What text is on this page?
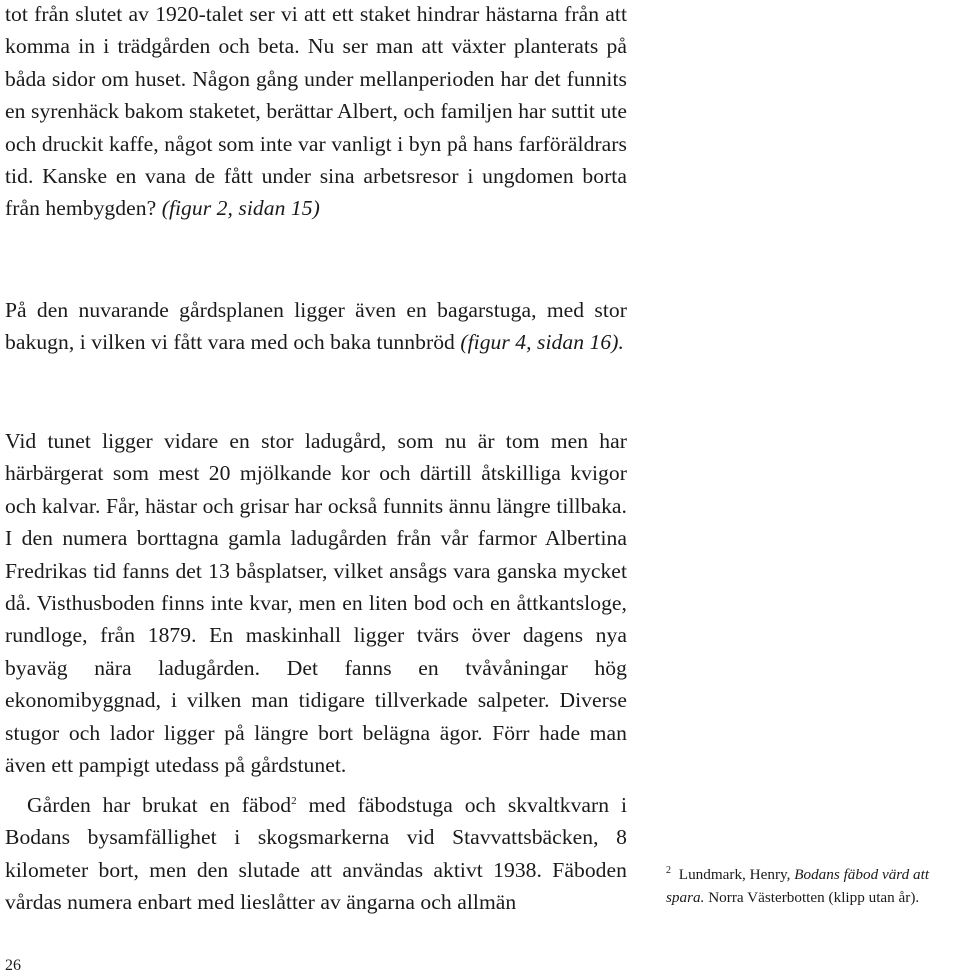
tot från slutet av 1920-talet ser vi att ett staket hindrar hästarna från att komma in i trädgården och beta. Nu ser man att växter planterats på båda sidor om huset. Någon gång under mellanperioden har det funnits en syrenhäck bakom staketet, berättar Albert, och familjen har suttit ute och druckit kaffe, något som inte var vanligt i byn på hans farföräldrars tid. Kanske en vana de fått under sina arbetsresor i ungdomen borta från hembygden? (figur 2, sidan 15)

På den nuvarande gårdsplanen ligger även en bagarstuga, med stor bakugn, i vilken vi fått vara med och baka tunnbröd (figur 4, sidan 16).

Vid tunet ligger vidare en stor ladugård, som nu är tom men har härbärgerat som mest 20 mjölkande kor och därtill åtskilliga kvigor och kalvar. Får, hästar och grisar har också funnits ännu längre tillbaka. I den numera borttagna gamla ladugården från vår farmor Albertina Fredrikas tid fanns det 13 båsplatser, vilket ansågs vara ganska mycket då. Visthusboden finns inte kvar, men en liten bod och en åttkantsloge, rundloge, från 1879. En maskinhall ligger tvärs över dagens nya byaväg nära ladugården. Det fanns en tvåvåningar hög ekonomibyggnad, i vilken man tidigare tillverkade salpeter. Diverse stugor och lador ligger på längre bort belägna ägor. Förr hade man även ett pampigt utedass på gårdstunet.

Gården har brukat en fäbod$^2$ med fäbodstuga och skvaltkvarn i Bodans bysamfällighet i skogsmarkerna vid Stavvattsbäcken, 8 kilometer bort, men den slutade att användas aktivt 1938. Fäboden vårdas numera enbart med lieslåtter av ängarna och allmän

$^2$ Lundmark, Henry, Bodans fäbod värd att spara. Norra Västerbotten (klipp utan år).
26
